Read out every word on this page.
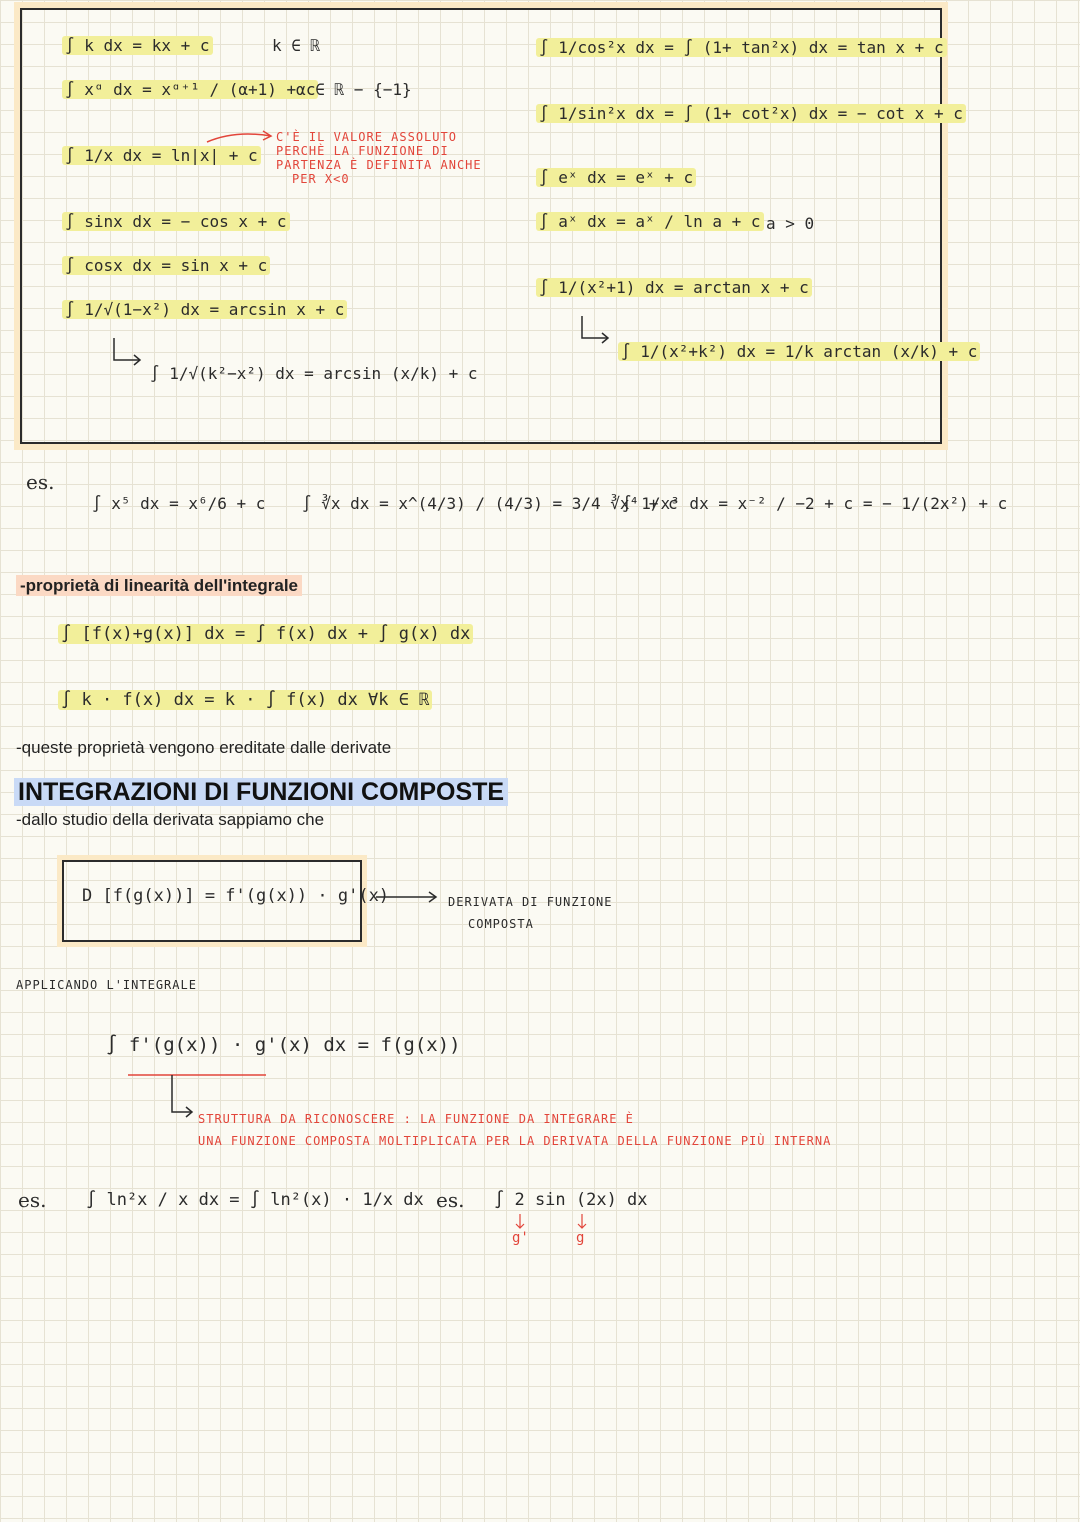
∫ k dx = kx + c	k ∈ ℝ
∫ xᵅ dx = xᵅ⁺¹ / (α+1) + c
α ∈ ℝ − {−1}
∫ 1/x dx = ln|x| + c
C'È IL VALORE ASSOLUTO
PERCHÈ LA FUNZIONE DI
PARTENZA È DEFINITA ANCHE
PER X<0
∫ sinx dx = − cos x + c
∫ cosx dx = sin x + c
∫ 1/√(1−x²) dx = arcsin x + c
∫ 1/√(k²−x²) dx = arcsin (x/k) + c
∫ 1/cos²x dx = ∫ (1+ tan²x) dx = tan x + c
∫ 1/sin²x dx = ∫ (1+ cot²x) dx = − cot x + c
∫ eˣ dx = eˣ + c
∫ aˣ dx = aˣ / ln a + c a > 0
∫ 1/(x²+1) dx = arctan x + c
∫ 1/(x²+k²) dx = 1/k arctan (x/k) + c
es.
∫ x⁵ dx = x⁶/6 + c ∫ ∛x dx = x^(4/3) / (4/3) = 3/4 ∛x⁴ + c
∫ 1/x³ dx = x⁻² / −2 + c = − 1/(2x²) + c
-proprietà di linearità dell'integrale
∫ [f(x)+g(x)] dx = ∫ f(x) dx + ∫ g(x) dx
∫ k · f(x) dx = k · ∫ f(x) dx ∀k ∈ ℝ
-queste proprietà vengono ereditate dalle derivate
INTEGRAZIONI DI FUNZIONI COMPOSTE
-dallo studio della derivata sappiamo che
D [f(g(x))] = f'(g(x)) · g'(x)	DERIVATA DI FUNZIONE
COMPOSTA
APPLICANDO L'INTEGRALE
∫ f'(g(x)) · g'(x) dx = f(g(x))
STRUTTURA DA RICONOSCERE : LA FUNZIONE DA INTEGRARE È
UNA FUNZIONE COMPOSTA MOLTIPLICATA PER LA DERIVATA DELLA FUNZIONE PIÙ INTERNA
es. ∫ ln²x / x dx = ∫ ln²(x) · 1/x dx es. ∫ 2 sin (2x) dx
g'	g
